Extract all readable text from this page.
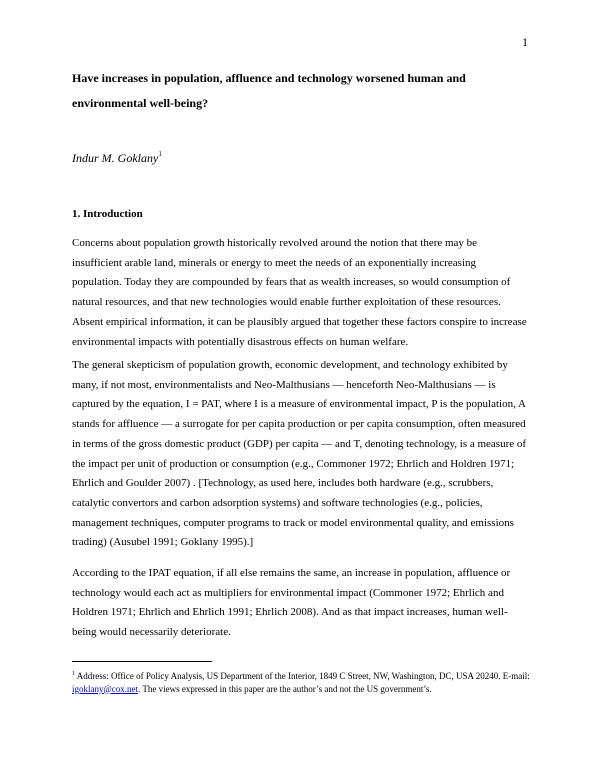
1
Have increases in population, affluence and technology worsened human and environmental well-being?
Indur M. Goklany$^1$
1. Introduction

Concerns about population growth historically revolved around the notion that there may be insufficient arable land, minerals or energy to meet the needs of an exponentially increasing population. Today they are compounded by fears that as wealth increases, so would consumption of natural resources, and that new technologies would enable further exploitation of these resources. Absent empirical information, it can be plausibly argued that together these factors conspire to increase environmental impacts with potentially disastrous effects on human welfare.

The general skepticism of population growth, economic development, and technology exhibited by many, if not most, environmentalists and Neo-Malthusians — henceforth Neo-Malthusians — is captured by the equation, I = PAT, where I is a measure of environmental impact, P is the population, A stands for affluence — a surrogate for per capita production or per capita consumption, often measured in terms of the gross domestic product (GDP) per capita — and T, denoting technology, is a measure of the impact per unit of production or consumption (e.g., Commoner 1972; Ehrlich and Holdren 1971; Ehrlich and Goulder 2007) . [Technology, as used here, includes both hardware (e.g., scrubbers, catalytic convertors and carbon adsorption systems) and software technologies (e.g., policies, management techniques, computer programs to track or model environmental quality, and emissions trading) (Ausubel 1991; Goklany 1995).]

According to the IPAT equation, if all else remains the same, an increase in population, affluence or technology would each act as multipliers for environmental impact (Commoner 1972; Ehrlich and Holdren 1971; Ehrlich and Ehrlich 1991; Ehrlich 2008). And as that impact increases, human well-being would necessarily deteriorate.

$^1$ Address: Office of Policy Analysis, US Department of the Interior, 1849 C Street, NW, Washington, DC, USA 20240. E-mail: igoklany@cox.net. The views expressed in this paper are the author’s and not the US government’s.
